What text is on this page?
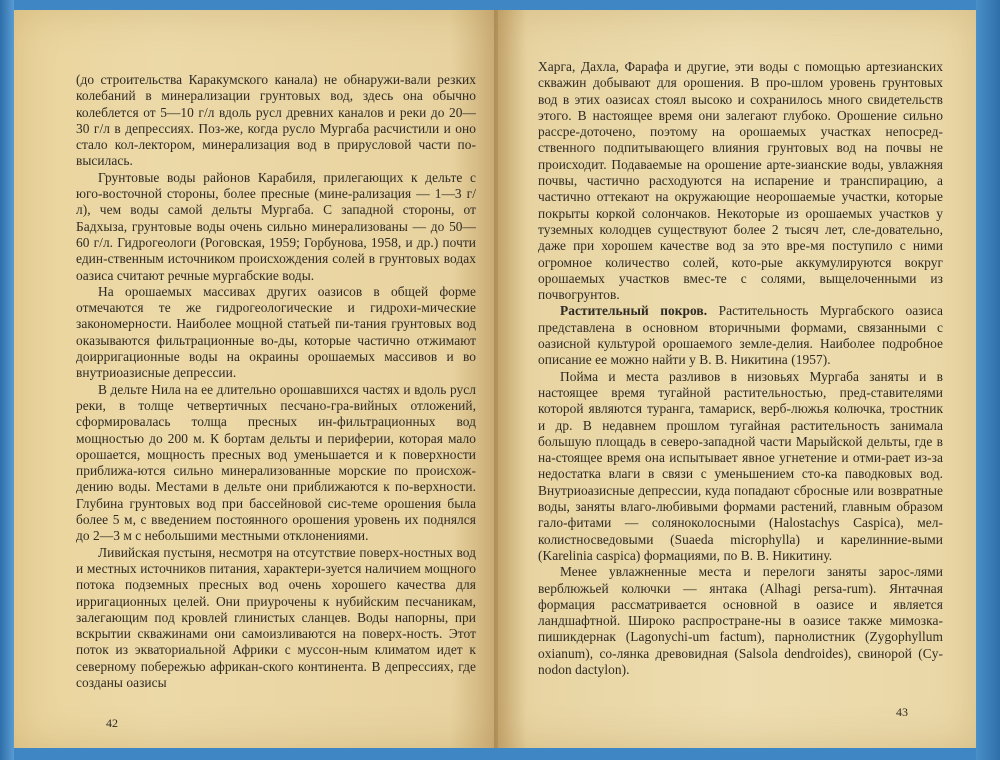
(до строительства Каракумского канала) не обнаружи-вали резких колебаний в минерализации грунтовых вод, здесь она обычно колеблется от 5—10 г/л вдоль русл древних каналов и реки до 20—30 г/л в депрессиях. Поз-же, когда русло Мургаба расчистили и оно стало кол-лектором, минерализация вод в прирусловой части по-высилась.

Грунтовые воды районов Карабиля, прилегающих к дельте с юго-восточной стороны, более пресные (мине-рализация — 1—3 г/л), чем воды самой дельты Мургаба. С западной стороны, от Бадхыза, грунтовые воды очень сильно минерализованы — до 50—60 г/л. Гидрогеологи (Роговская, 1959; Горбунова, 1958, и др.) почти един-ственным источником происхождения солей в грунтовых водах оазиса считают речные мургабские воды.

На орошаемых массивах других оазисов в общей форме отмечаются те же гидрогеологические и гидрохи-мические закономерности. Наиболее мощной статьей пи-тания грунтовых вод оказываются фильтрационные во-ды, которые частично отжимают доирригационные воды на окраины орошаемых массивов и во внутриоазисные депрессии.

В дельте Нила на ее длительно орошавшихся частях и вдоль русл реки, в толще четвертичных песчано-гра-вийных отложений, сформировалась толща пресных ин-фильтрационных вод мощностью до 200 м. К бортам дельты и периферии, которая мало орошается, мощность пресных вод уменьшается и к поверхности приближа-ются сильно минерализованные морские по происхож-дению воды. Местами в дельте они приближаются к по-верхности. Глубина грунтовых вод при бассейновой сис-теме орошения была более 5 м, с введением постоянного орошения уровень их поднялся до 2—3 м с небольшими местными отклонениями.

Ливийская пустыня, несмотря на отсутствие поверх-ностных вод и местных источников питания, характери-зуется наличием мощного потока подземных пресных вод очень хорошего качества для ирригационных целей. Они приурочены к нубийским песчаникам, залегающим под кровлей глинистых сланцев. Воды напорны, при вскрытии скважинами они самоизливаются на поверх-ность. Этот поток из экваториальной Африки с муссон-ным климатом идет к северному побережью африкан-ского континента. В депрессиях, где созданы оазисы

42

Харга, Дахла, Фарафа и другие, эти воды с помощью артезианских скважин добывают для орошения. В про-шлом уровень грунтовых вод в этих оазисах стоял высоко и сохранилось много свидетельств этого. В настоящее время они залегают глубоко. Орошение сильно рассре-доточено, поэтому на орошаемых участках непосред-ственного подпитывающего влияния грунтовых вод на почвы не происходит. Подаваемые на орошение арте-зианские воды, увлажняя почвы, частично расходуются на испарение и транспирацию, а частично оттекают на окружающие неорошаемые участки, которые покрыты коркой солончаков. Некоторые из орошаемых участков у туземных колодцев существуют более 2 тысяч лет, сле-довательно, даже при хорошем качестве вод за это вре-мя поступило с ними огромное количество солей, кото-рые аккумулируются вокруг орошаемых участков вмес-те с солями, выщелоченными из почвогрунтов.

Растительный покров. Растительность Мургабского оазиса представлена в основном вторичными формами, связанными с оазисной культурой орошаемого земле-делия. Наиболее подробное описание ее можно найти у В. В. Никитина (1957).

Пойма и места разливов в низовьях Мургаба заняты и в настоящее время тугайной растительностью, пред-ставителями которой являются туранга, тамариск, верб-люжья колючка, тростник и др. В недавнем прошлом тугайная растительность занимала большую площадь в северо-западной части Марыйской дельты, где в на-стоящее время она испытывает явное угнетение и отми-рает из-за недостатка влаги в связи с уменьшением сто-ка паводковых вод. Внутриоазисные депрессии, куда попадают сбросные или возвратные воды, заняты влаго-любивыми формами растений, главным образом гало-фитами — соляноколосными (Halostachys Caspica), мел-колистносведовыми (Suaeda microphylla) и карелинние-выми (Karelinia caspica) формациями, по В. В. Никитину.

Менее увлажненные места и перелоги заняты зарос-лями верблюжьей колючки — янтака (Alhagi persa-rum). Янтачная формация рассматривается основной в оазисе и является ландшафтной. Широко распростране-ны в оазисе также мимозка-пишикдернак (Lagonychi-um factum), парнолистник (Zygophyllum oxianum), со-лянка древовидная (Salsola dendroides), свинорой (Cy-nodon dactylon).

43
